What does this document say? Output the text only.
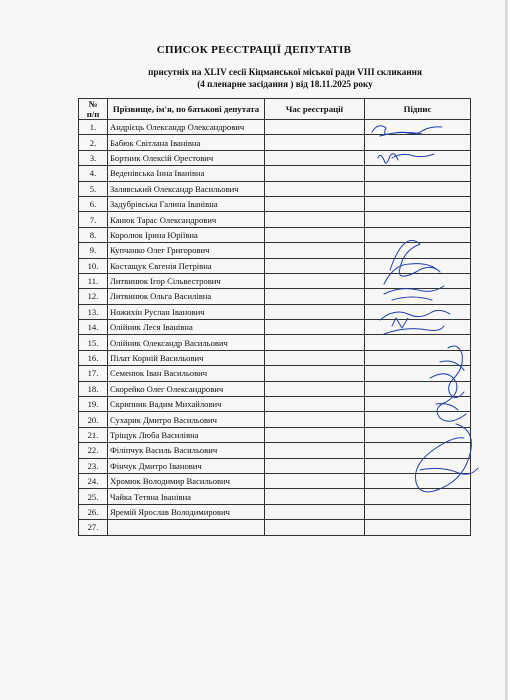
СПИСОК РЕЄСТРАЦІЇ ДЕПУТАТІВ
присутніх на XLIV сесії Кіцманської міської ради VIII скликання
(4 пленарне засідання ) від 18.11.2025 року
№
п/п	Прізвище, ім'я, по батькові депутата	Час реєстрації	Підпис
1.	Андрієць Олександр Олександрович		
2.	Бабюк Світлана Іванівна		
3.	Бортник Олексій Орестович		
4.	Веденівська Інна Іванівна		
5.	Залявський Олександр Васильович		
6.	Задубрівська Галина Іванівна		
7.	Канюк Тарас Олександрович		
8.	Королюк Ірина Юріївна		
9.	Купчанко Олег Григорович		
10.	Костащук Євгенія Петрівна		
11.	Литвинюк Ігор Сільвестрович		
12.	Литвинюк Ольга Василівна		
13.	Ножихін Руслан Іванович		
14.	Олійник Леся Іванівна		
15.	Олійник Олександр Васильович		
16.	Пілат Корній Васильович		
17.	Семенюк Іван Васильович		
18.	Скорейко Олег Олександрович		
19.	Скрипник Вадим Михайлович		
20.	Сухарик Дмитро Васильович		
21.	Тріщук Люба Василівна		
22.	Філіпчук Василь Васильович		
23.	Фінчук Дмитро Іванович		
24.	Хромюк Володимир Васильович		
25.	Чайка Тетяна Іванівна		
26.	Яремій Ярослав Володимирович		
27.			
